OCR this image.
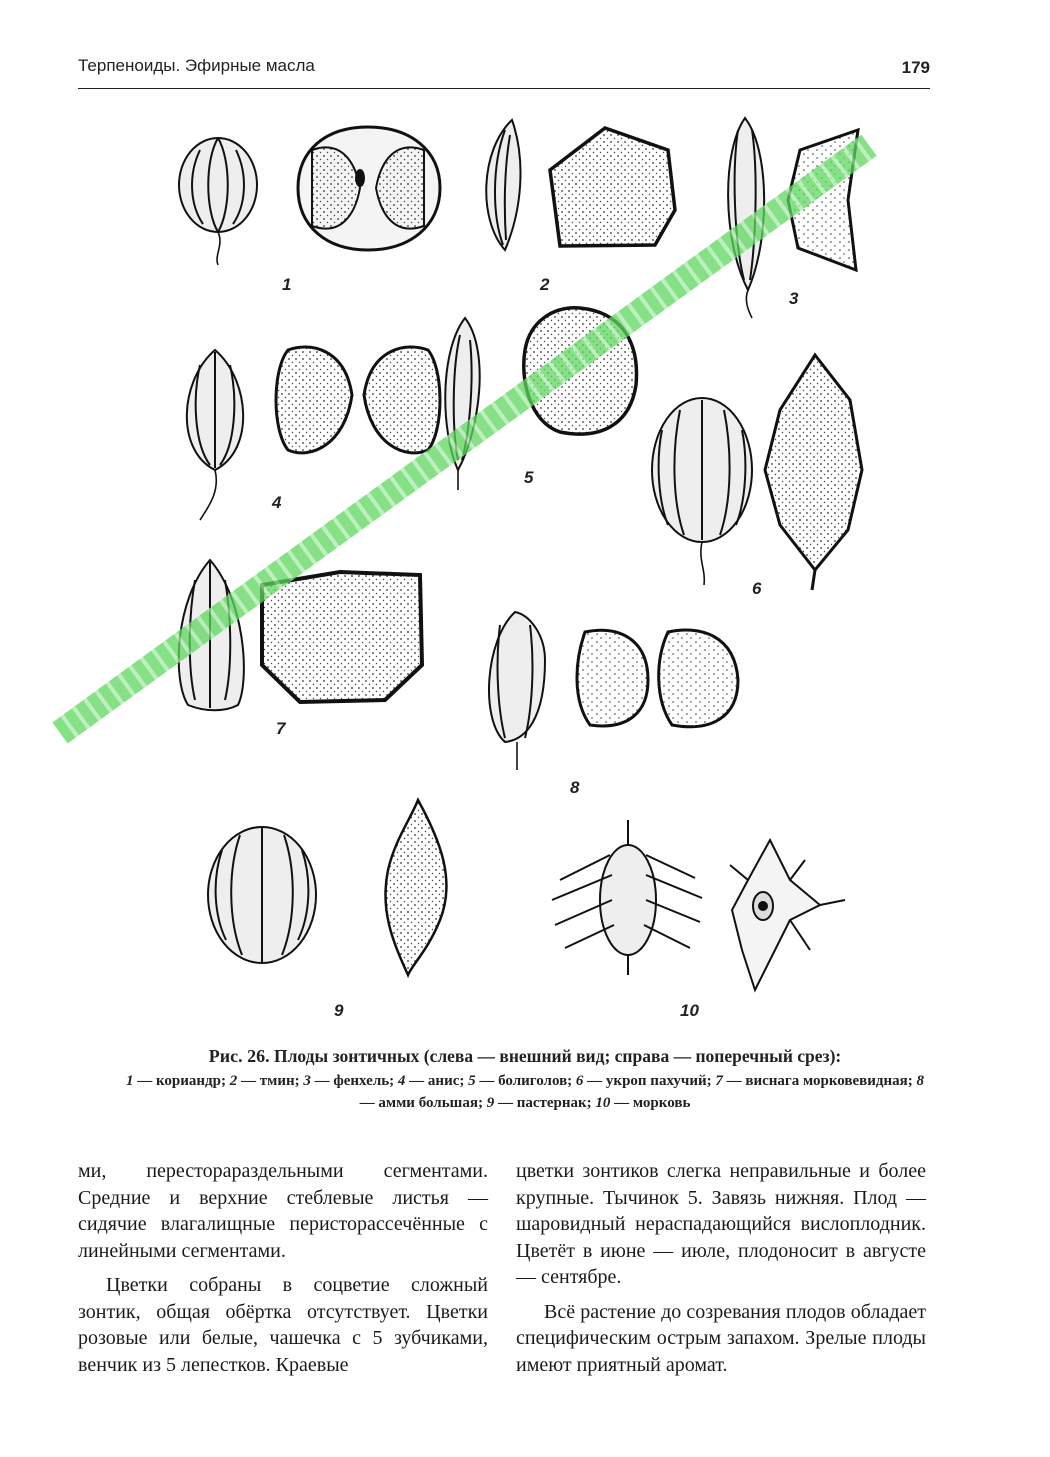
Терпеноиды. Эфирные масла	179
1	2
3
4
5
6
7
8
9	10
Рис. 26. Плоды зонтичных (слева — внешний вид; справа — поперечный срез):
1 — кориандр; 2 — тмин; 3 — фенхель; 4 — анис; 5 — болиголов; 6 — укроп пахучий; 7 — виснага морковевидная; 8 — амми большая; 9 — пастернак; 10 — морковь

ми, пересторараздельными сегментами. Средние и верхние стеблевые листья — сидячие влагалищные перисторассечённые с линейными сегментами.

Цветки собраны в соцветие сложный зонтик, общая обёртка отсутствует. Цветки розовые или белые, чашечка с 5 зубчиками, венчик из 5 лепестков. Краевые

цветки зонтиков слегка неправильные и более крупные. Тычинок 5. Завязь нижняя. Плод — шаровидный нераспадающийся вислоплодник. Цветёт в июне — июле, плодоносит в августе — сентябре.

Всё растение до созревания плодов обладает специфическим острым запахом. Зрелые плоды имеют приятный аромат.
